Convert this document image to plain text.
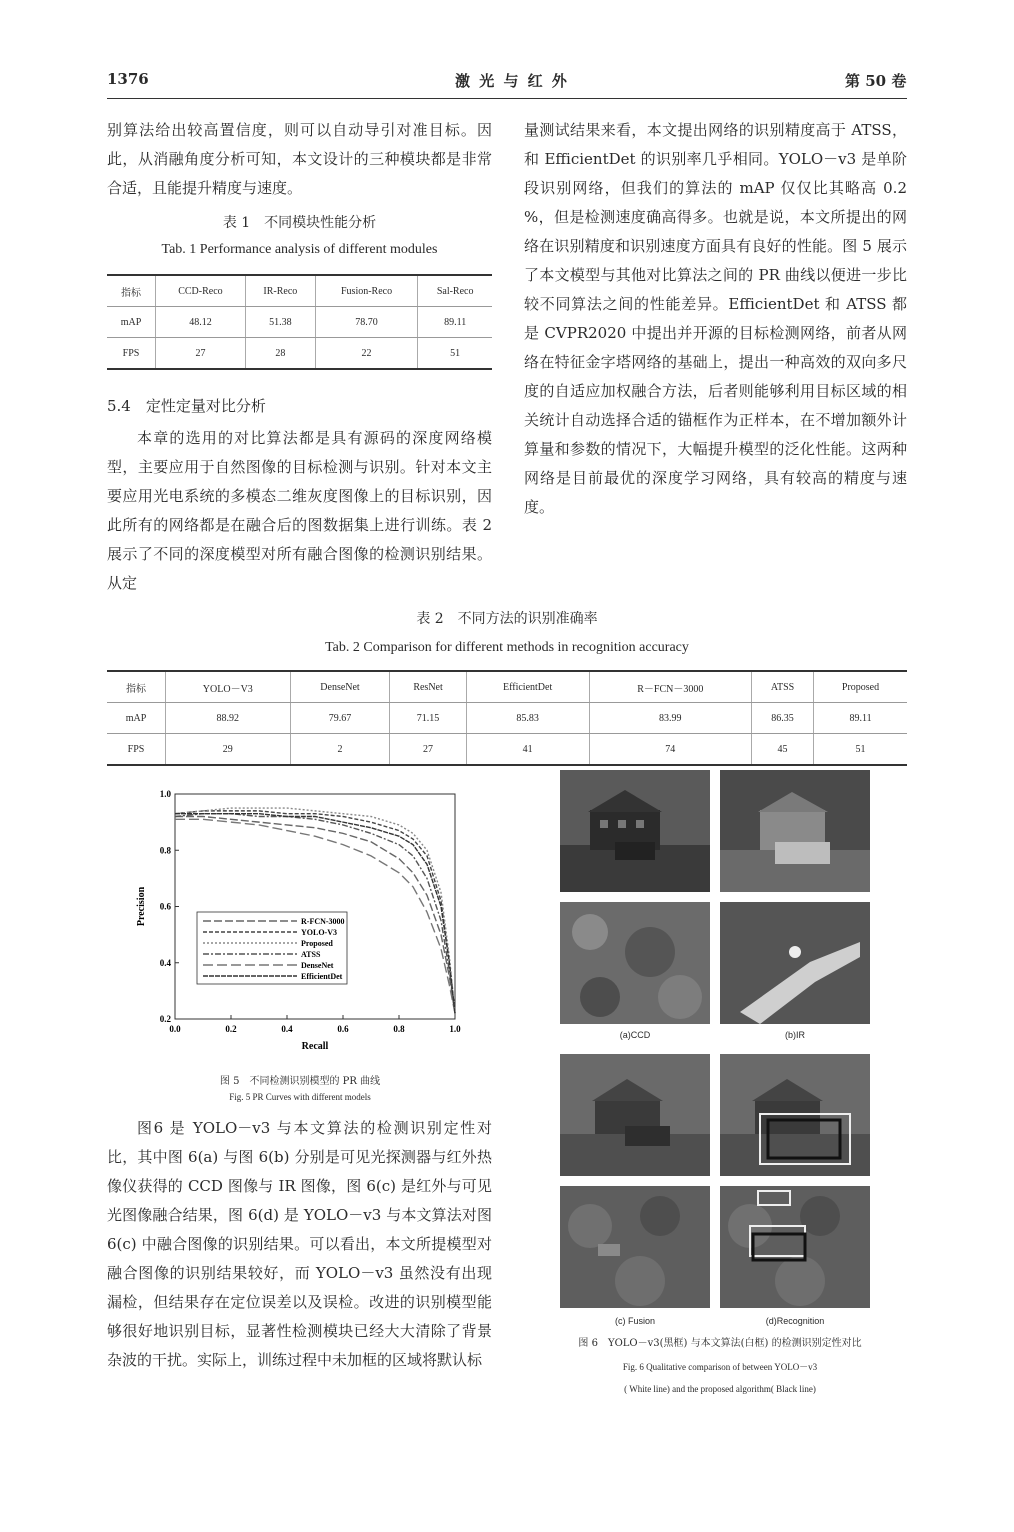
1376	激 光 与 红 外	第 50 卷

别算法给出较高置信度，则可以自动导引对准目标。因此，从消融角度分析可知，本文设计的三种模块都是非常合适，且能提升精度与速度。

表 1　不同模块性能分析
Tab. 1 Performance analysis of different modules
指标	CCD-Reco	IR-Reco	Fusion-Reco	Sal-Reco
mAP	48.12	51.38	78.70	89.11
FPS	27	28	22	51
5.4　定性定量对比分析

本章的选用的对比算法都是具有源码的深度网络模型，主要应用于自然图像的目标检测与识别。针对本文主要应用光电系统的多模态二维灰度图像上的目标识别，因此所有的网络都是在融合后的图数据集上进行训练。表 2 展示了不同的深度模型对所有融合图像的检测识别结果。从定

量测试结果来看，本文提出网络的识别精度高于 ATSS，和 EfficientDet 的识别率几乎相同。YOLO－v3 是单阶段识别网络，但我们的算法的 mAP 仅仅比其略高 0.2 %，但是检测速度确高得多。也就是说，本文所提出的网络在识别精度和识别速度方面具有良好的性能。图 5 展示了本文模型与其他对比算法之间的 PR 曲线以便进一步比较不同算法之间的性能差异。EfficientDet 和 ATSS 都是 CVPR2020 中提出并开源的目标检测网络，前者从网络在特征金字塔网络的基础上，提出一种高效的双向多尺度的自适应加权融合方法，后者则能够利用目标区域的相关统计自动选择合适的锚框作为正样本，在不增加额外计算量和参数的情况下，大幅提升模型的泛化性能。这两种网络是目前最优的深度学习网络，具有较高的精度与速度。

表 2　不同方法的识别准确率
Tab. 2 Comparison for different methods in recognition accuracy
指标	YOLO－V3	DenseNet	ResNet	EfficientDet	R－FCN－3000	ATSS	Proposed
mAP	88.92	79.67	71.15	85.83	83.99	86.35	89.11
FPS	29	2	27	41	74	45	51
0.0	0.2	0.4	0.6	0.8	1.0
0.2
0.4
0.6
0.8
1.0
Recall
Precision	R-FCN-3000
YOLO-V3
Proposed
ATSS
DenseNet
EfficientDet
图 5　不同检测识别模型的 PR 曲线
Fig. 5 PR Curves with different models

图6 是 YOLO－v3 与本文算法的检测识别定性对比，其中图 6(a) 与图 6(b) 分别是可见光探测器与红外热像仪获得的 CCD 图像与 IR 图像，图 6(c) 是红外与可见光图像融合结果，图 6(d) 是 YOLO－v3 与本文算法对图 6(c) 中融合图像的识别结果。可以看出，本文所提模型对融合图像的识别结果较好，而 YOLO－v3 虽然没有出现漏检，但结果存在定位误差以及误检。改进的识别模型能够很好地识别目标，显著性检测模块已经大大清除了背景杂波的干扰。实际上，训练过程中未加框的区域将默认标

(a)CCD	(b)IR
(c) Fusion	(d)Recognition
图 6　YOLO－v3(黑框) 与本文算法(白框) 的检测识别定性对比
Fig. 6 Qualitative comparison of between YOLO－v3
( White line) and the proposed algorithm( Black line)
